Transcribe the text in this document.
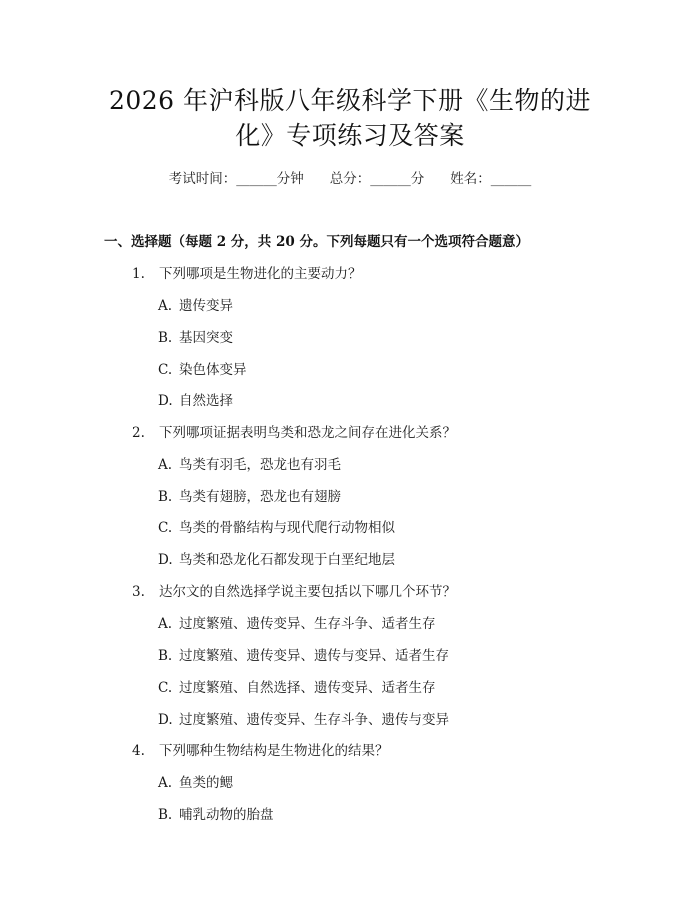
2026 年沪科版八年级科学下册《生物的进
化》专项练习及答案
考试时间：______分钟 总分：______分 姓名：______
一、选择题（每题 2 分，共 20 分。下列每题只有一个选项符合题意）
1. 下列哪项是生物进化的主要动力？
A. 遗传变异
B. 基因突变
C. 染色体变异
D. 自然选择
2. 下列哪项证据表明鸟类和恐龙之间存在进化关系？
A. 鸟类有羽毛，恐龙也有羽毛
B. 鸟类有翅膀，恐龙也有翅膀
C. 鸟类的骨骼结构与现代爬行动物相似
D. 鸟类和恐龙化石都发现于白垩纪地层
3. 达尔文的自然选择学说主要包括以下哪几个环节？
A. 过度繁殖、遗传变异、生存斗争、适者生存
B. 过度繁殖、遗传变异、遗传与变异、适者生存
C. 过度繁殖、自然选择、遗传变异、适者生存
D. 过度繁殖、遗传变异、生存斗争、遗传与变异
4. 下列哪种生物结构是生物进化的结果？
A. 鱼类的鳃
B. 哺乳动物的胎盘
